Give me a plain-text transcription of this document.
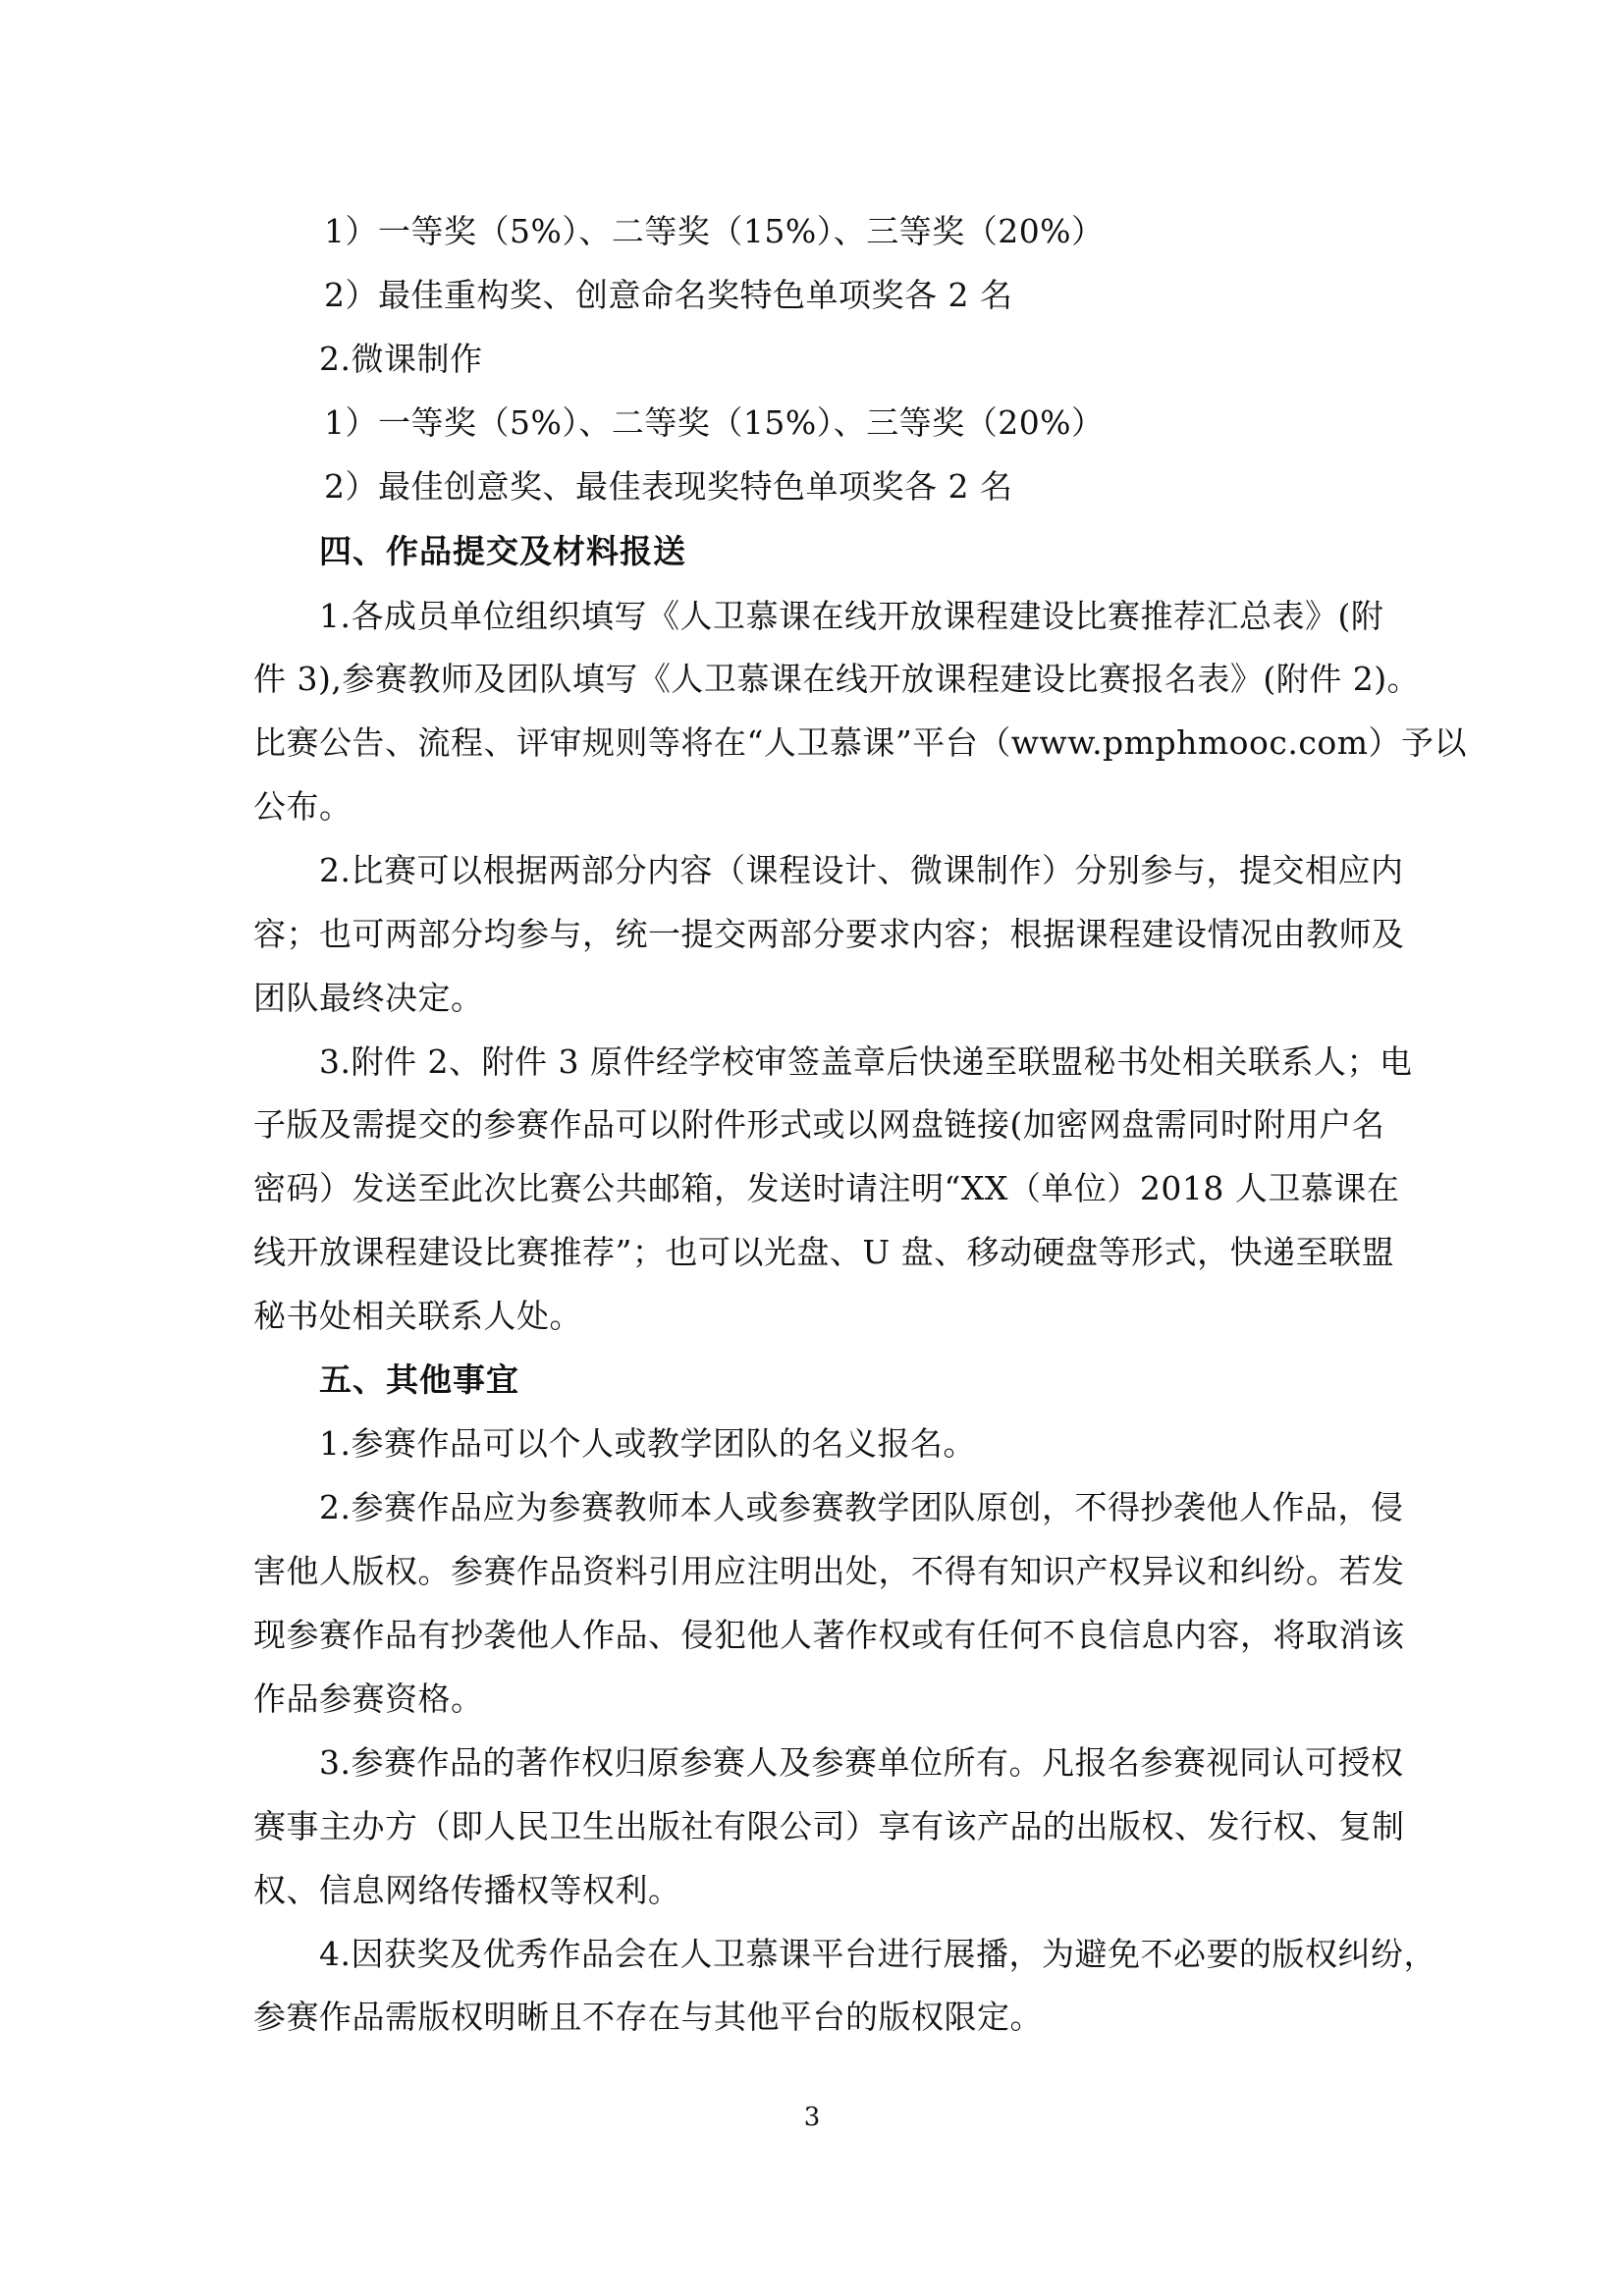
1）一等奖（5%）、二等奖（15%）、三等奖（20%）
2）最佳重构奖、创意命名奖特色单项奖各 2 名
2.微课制作
1）一等奖（5%）、二等奖（15%）、三等奖（20%）
2）最佳创意奖、最佳表现奖特色单项奖各 2 名
四、作品提交及材料报送
1.各成员单位组织填写《人卫慕课在线开放课程建设比赛推荐汇总表》(附
件 3),参赛教师及团队填写《人卫慕课在线开放课程建设比赛报名表》(附件 2)。
比赛公告、流程、评审规则等将在“人卫慕课”平台（www.pmphmooc.com）予以
公布。
2.比赛可以根据两部分内容（课程设计、微课制作）分别参与，提交相应内
容；也可两部分均参与，统一提交两部分要求内容；根据课程建设情况由教师及
团队最终决定。
3.附件 2、附件 3 原件经学校审签盖章后快递至联盟秘书处相关联系人；电
子版及需提交的参赛作品可以附件形式或以网盘链接(加密网盘需同时附用户名
密码）发送至此次比赛公共邮箱，发送时请注明“XX（单位）2018 人卫慕课在
线开放课程建设比赛推荐”；也可以光盘、U 盘、移动硬盘等形式，快递至联盟
秘书处相关联系人处。
五、其他事宜
1.参赛作品可以个人或教学团队的名义报名。
2.参赛作品应为参赛教师本人或参赛教学团队原创，不得抄袭他人作品，侵
害他人版权。参赛作品资料引用应注明出处，不得有知识产权异议和纠纷。若发
现参赛作品有抄袭他人作品、侵犯他人著作权或有任何不良信息内容，将取消该
作品参赛资格。
3.参赛作品的著作权归原参赛人及参赛单位所有。凡报名参赛视同认可授权
赛事主办方（即人民卫生出版社有限公司）享有该产品的出版权、发行权、复制
权、信息网络传播权等权利。
4.因获奖及优秀作品会在人卫慕课平台进行展播，为避免不必要的版权纠纷，
参赛作品需版权明晰且不存在与其他平台的版权限定。
3
